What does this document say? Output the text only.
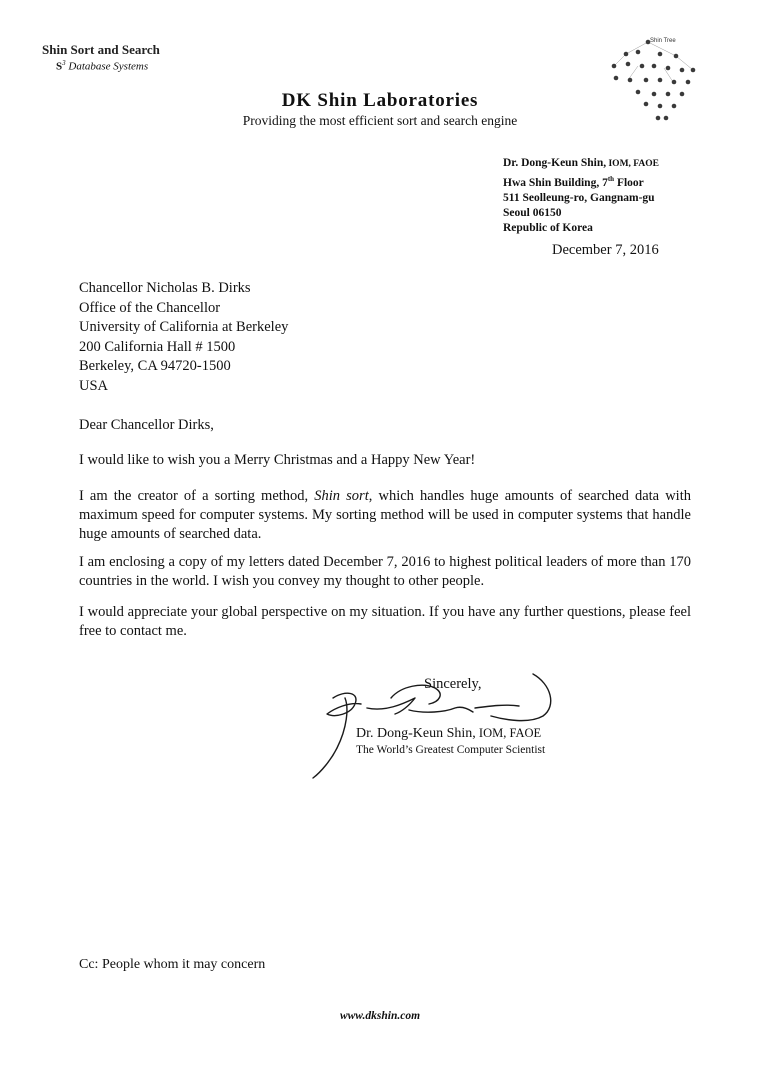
Shin Sort and Search
$S^3$ Database Systems
DK Shin Laboratories
Providing the most efficient sort and search engine
Shin Tree
Dr. Dong-Keun Shin, IOM, FAOE
Hwa Shin Building, 7th Floor
511 Seolleung-ro, Gangnam-gu
Seoul 06150
Republic of Korea
December 7, 2016
Chancellor Nicholas B. Dirks
Office of the Chancellor
University of California at Berkeley
200 California Hall # 1500
Berkeley, CA 94720-1500
USA
Dear Chancellor Dirks,
I would like to wish you a Merry Christmas and a Happy New Year!
I am the creator of a sorting method, Shin sort, which handles huge amounts of searched data with maximum speed for computer systems. My sorting method will be used in computer systems that handle huge amounts of searched data.
I am enclosing a copy of my letters dated December 7, 2016 to highest political leaders of more than 170 countries in the world. I wish you convey my thought to other people.
I would appreciate your global perspective on my situation. If you have any further questions, please feel free to contact me.
Sincerely,
Dr. Dong-Keun Shin, IOM, FAOE
The World’s Greatest Computer Scientist
Cc: People whom it may concern
www.dkshin.com
